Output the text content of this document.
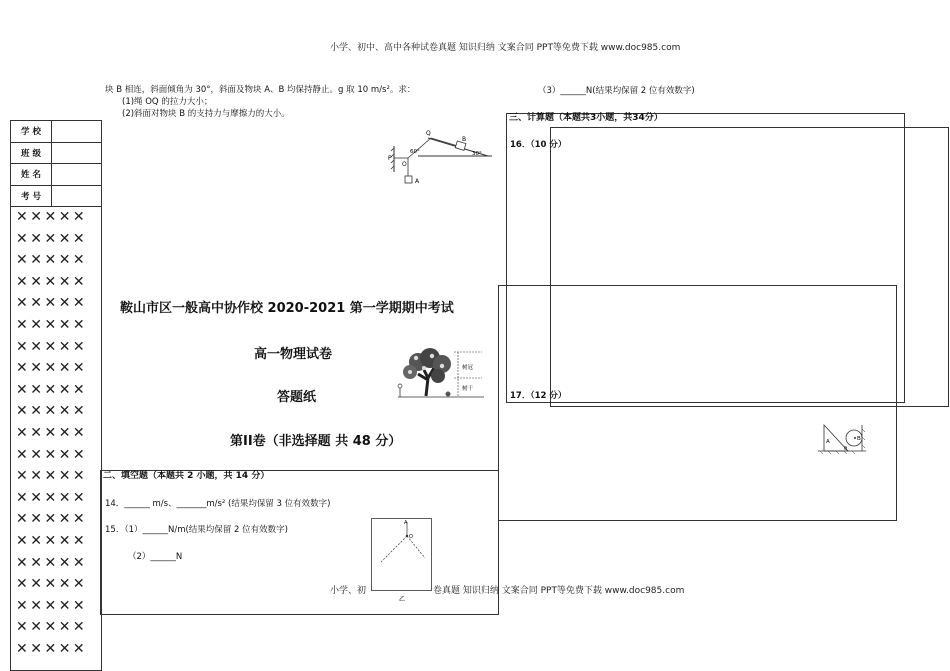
小学、初中、高中各种试卷真题 知识归纳 文案合同 PPT等免费下载 www.doc985.com
块 B 相连，斜面倾角为 30°，斜面及物块 A、B 均保持静止。g 取 10 m/s²。求：
(1)绳 OQ 的拉力大小；
(2)斜面对物块 B 的支持力与摩擦力的大小。
P
O
Q
B
A
60°	30°
学 校	
班 级	
姓 名	
考 号	
✕✕✕✕✕
✕✕✕✕✕
✕✕✕✕✕
✕✕✕✕✕
✕✕✕✕✕
✕✕✕✕✕
✕✕✕✕✕
✕✕✕✕✕
✕✕✕✕✕
✕✕✕✕✕
✕✕✕✕✕
✕✕✕✕✕
✕✕✕✕✕
✕✕✕✕✕
✕✕✕✕✕
✕✕✕✕✕
✕✕✕✕✕
✕✕✕✕✕
✕✕✕✕✕
✕✕✕✕✕
✕✕✕✕✕
鞍山市区一般高中协作校 2020-2021 第一学期期中考试
高一物理试卷
答题纸
第II卷（非选择题 共 48 分）
树冠
树干
二、填空题（本题共 2 小题，共 14 分）
14．______ m/s、_______m/s² (结果均保留 3 位有效数字)
15．（1）______N/m(结果均保留 2 位有效数字)
（2）______N
A
O
乙
小学、初	卷真题 知识归纳 文案合同 PPT等免费下载 www.doc985.com
（3）______N(结果均保留 2 位有效数字)
三、计算题（本题共3小题，共34分）
16．（10 分）
17．（12 分）
A	B
θ
